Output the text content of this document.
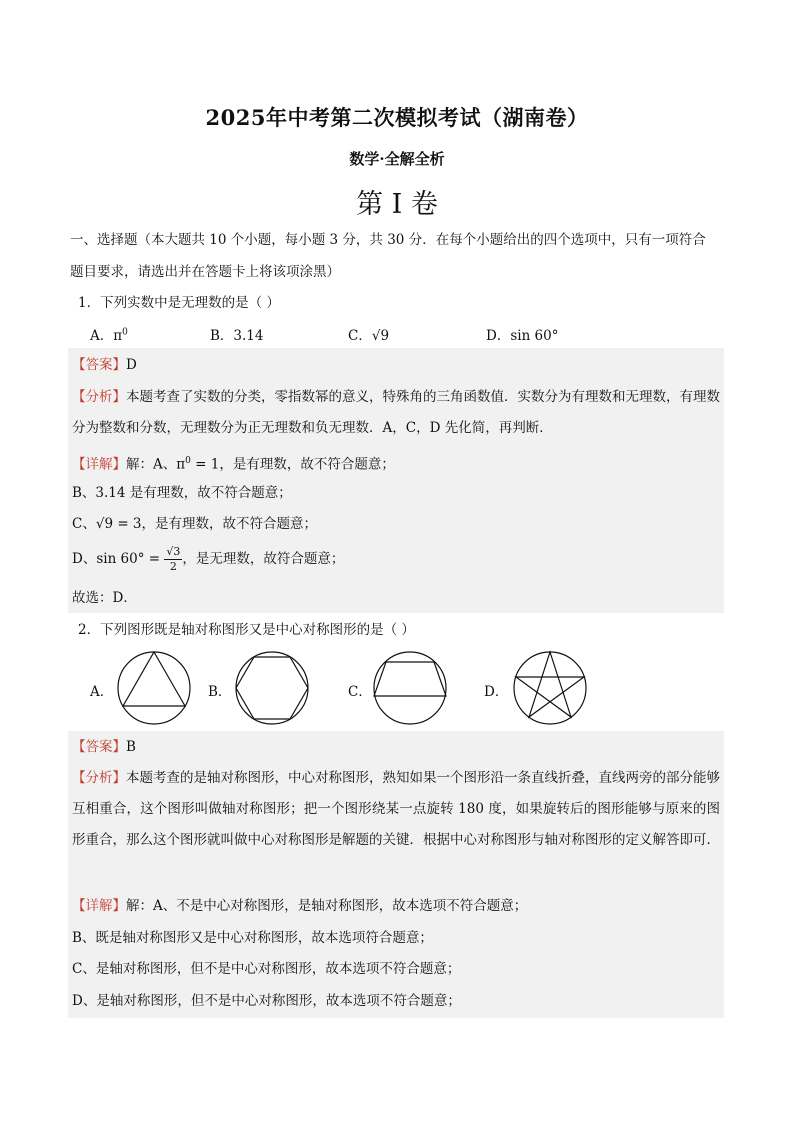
2025年中考第二次模拟考试（湖南卷）
数学·全解全析
第 I 卷
一、选择题（本大题共 10 个小题，每小题 3 分，共 30 分．在每个小题给出的四个选项中，只有一项符合
题目要求，请选出并在答题卡上将该项涂黑）
1．下列实数中是无理数的是（ ）
A．$\pi^0$	B．3.14	C．√9	D．sin 60°
【答案】D
【分析】本题考查了实数的分类，零指数幂的意义，特殊角的三角函数值．实数分为有理数和无理数，有理数分为整数和分数，无理数分为正无理数和负无理数．A，C，D 先化简，再判断．
【详解】解：A、$\pi^0 = 1$，是有理数，故不符合题意；
B、3.14 是有理数，故不符合题意；
C、√9 = 3，是有理数，故不符合题意；
D、$\sin 60^\circ = \frac{√3}{2}$ ，是无理数，故符合题意；
故选：D．
2．下列图形既是轴对称图形又是中心对称图形的是（ ）
A．	B．	C．	D．
【答案】B
【分析】本题考查的是轴对称图形，中心对称图形，熟知如果一个图形沿一条直线折叠，直线两旁的部分能够互相重合，这个图形叫做轴对称图形；把一个图形绕某一点旋转 180 度，如果旋转后的图形能够与原来的图形重合，那么这个图形就叫做中心对称图形是解题的关键．根据中心对称图形与轴对称图形的定义解答即可．
【详解】解：A、不是中心对称图形，是轴对称图形，故本选项不符合题意；
B、既是轴对称图形又是中心对称图形，故本选项符合题意；
C、是轴对称图形，但不是中心对称图形，故本选项不符合题意；
D、是轴对称图形，但不是中心对称图形，故本选项不符合题意；
